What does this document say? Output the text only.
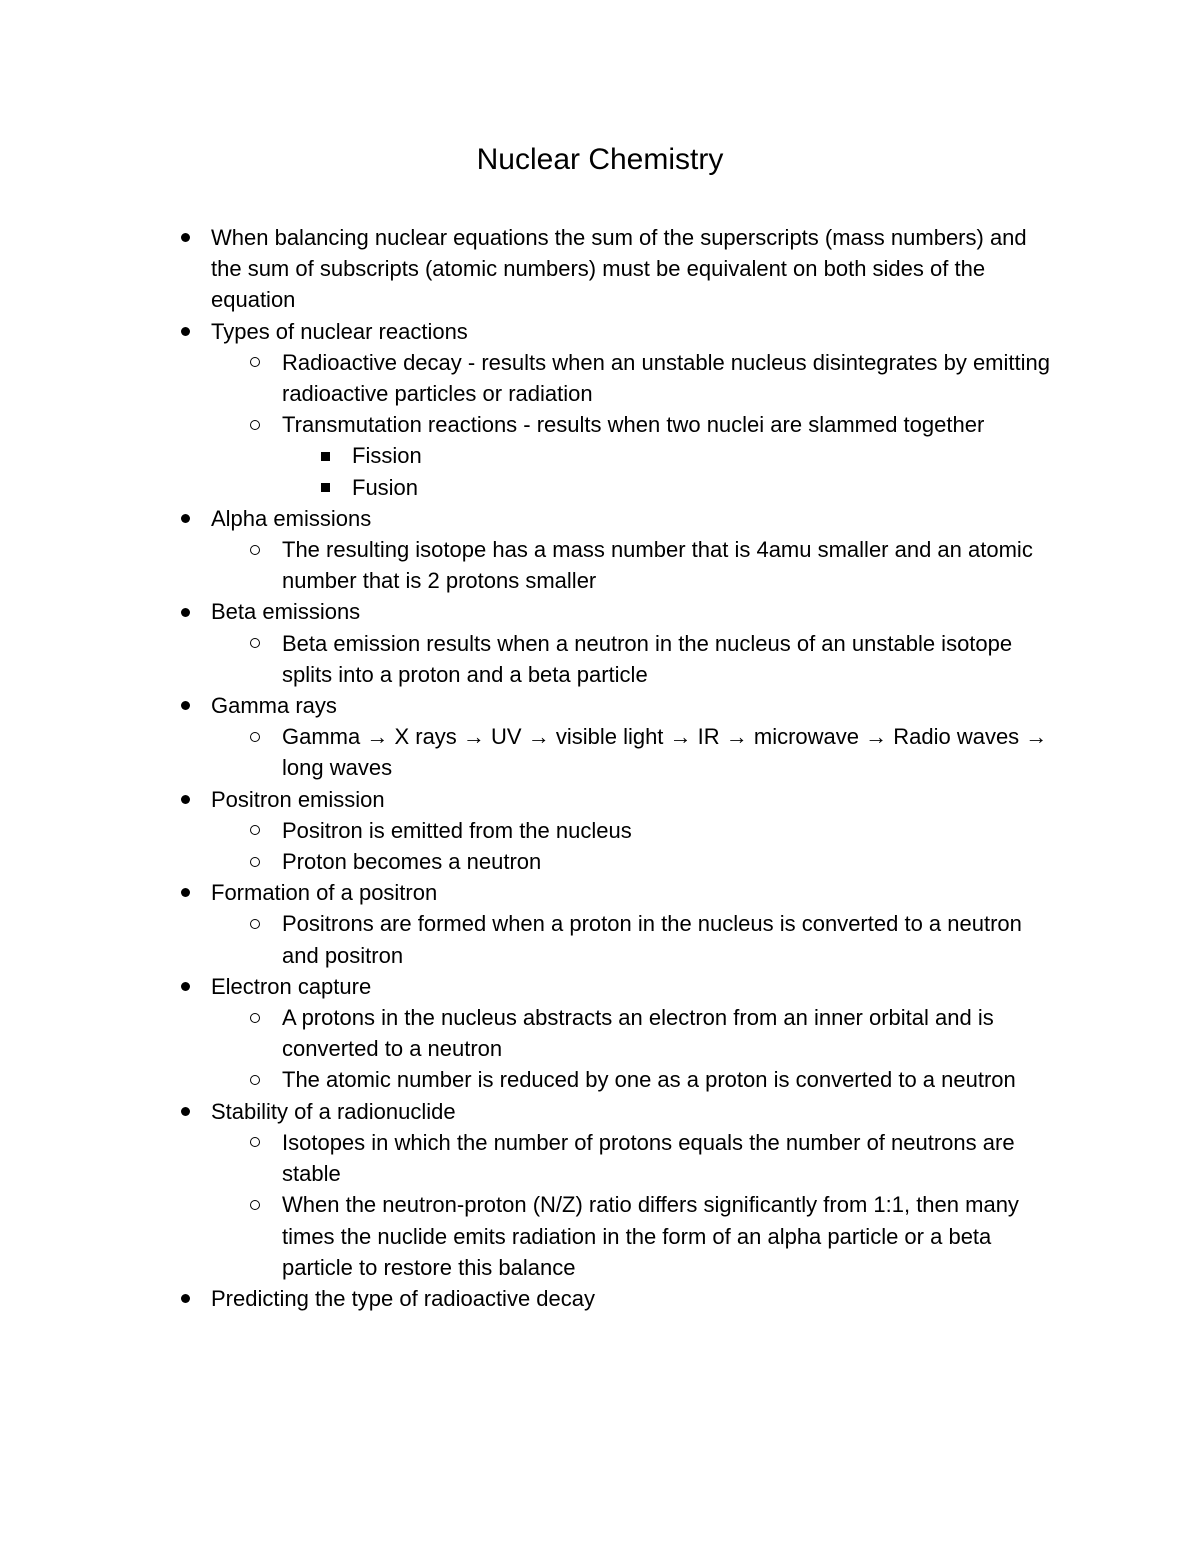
Nuclear Chemistry
When balancing nuclear equations the sum of the superscripts (mass numbers) and the sum of subscripts (atomic numbers) must be equivalent on both sides of the equation
Types of nuclear reactions
Radioactive decay - results when an unstable nucleus disintegrates by emitting radioactive particles or radiation
Transmutation reactions - results when two nuclei are slammed together
Fission
Fusion
Alpha emissions
The resulting isotope has a mass number that is 4amu smaller and an atomic number that is 2 protons smaller
Beta emissions
Beta emission results when a neutron in the nucleus of an unstable isotope splits into a proton and a beta particle
Gamma rays
Gamma → X rays → UV → visible light → IR → microwave → Radio waves → long waves
Positron emission
Positron is emitted from the nucleus
Proton becomes a neutron
Formation of a positron
Positrons are formed when a proton in the nucleus is converted to a neutron and positron
Electron capture
A protons in the nucleus abstracts an electron from an inner orbital and is converted to a neutron
The atomic number is reduced by one as a proton is converted to a neutron
Stability of a radionuclide
Isotopes in which the number of protons equals the number of neutrons are stable
When the neutron-proton (N/Z) ratio differs significantly from 1:1, then many times the nuclide emits radiation in the form of an alpha particle or a beta particle to restore this balance
Predicting the type of radioactive decay
